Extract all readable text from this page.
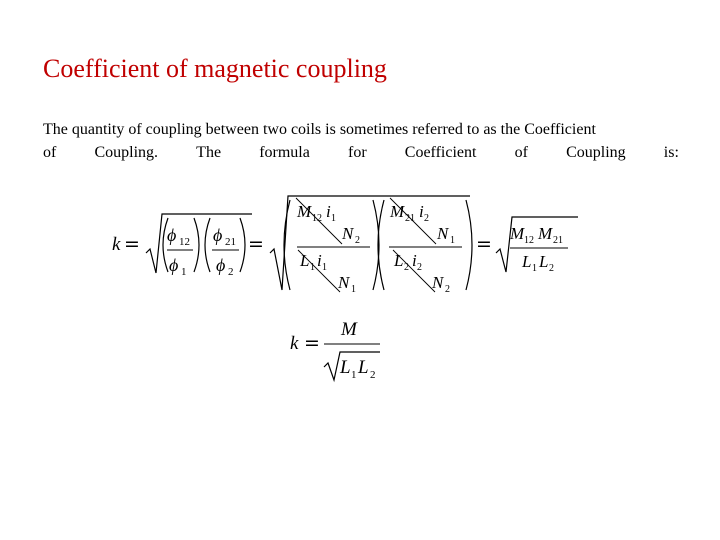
Coefficient of magnetic coupling
The quantity of coupling between two coils is sometimes referred to as the Coefficient
of Coupling. The formula for Coefficient of Coupling is:
k = ϕ 12
ϕ 1
ϕ 21
ϕ 2
=
M 12 i 1
N 2
L 1 i 1
N 1
M 21 i 2
N 1
L 2 i 2
N 2
= M 12 M 21
L 1 L 2
k =
M
L 1 L 2
